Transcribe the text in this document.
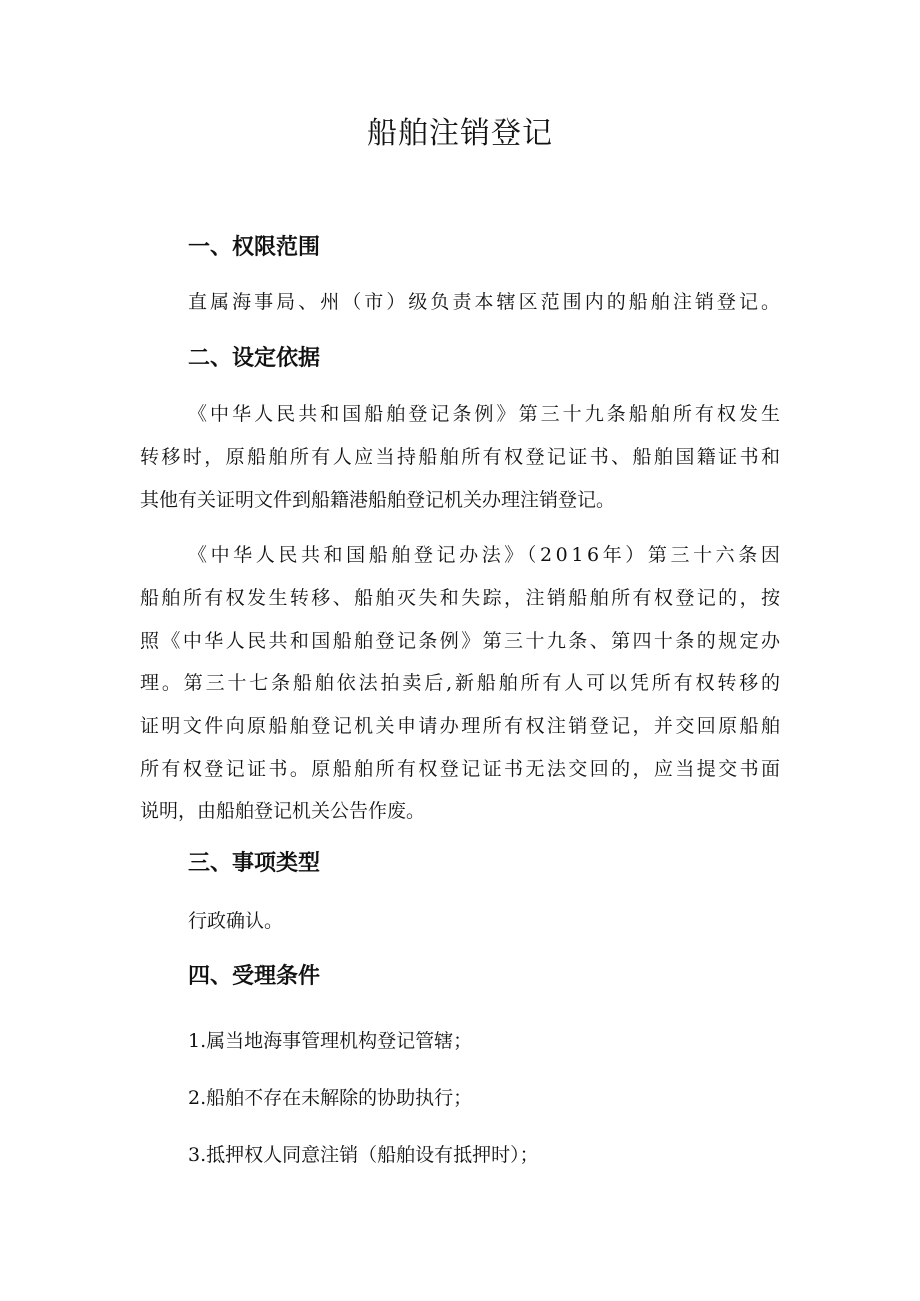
船舶注销登记
一、权限范围
直属海事局、州（市）级负责本辖区范围内的船舶注销登记。
二、设定依据
《中华人民共和国船舶登记条例》第三十九条船舶所有权发生
转移时，原船舶所有人应当持船舶所有权登记证书、船舶国籍证书和
其他有关证明文件到船籍港船舶登记机关办理注销登记。
《中华人民共和国船舶登记办法》（2016年）第三十六条因
船舶所有权发生转移、船舶灭失和失踪，注销船舶所有权登记的，按
照《中华人民共和国船舶登记条例》第三十九条、第四十条的规定办
理。第三十七条船舶依法拍卖后,新船舶所有人可以凭所有权转移的
证明文件向原船舶登记机关申请办理所有权注销登记，并交回原船舶
所有权登记证书。原船舶所有权登记证书无法交回的，应当提交书面
说明，由船舶登记机关公告作废。
三、事项类型
行政确认。
四、受理条件
1.属当地海事管理机构登记管辖；
2.船舶不存在未解除的协助执行；
3.抵押权人同意注销（船舶设有抵押时）；
